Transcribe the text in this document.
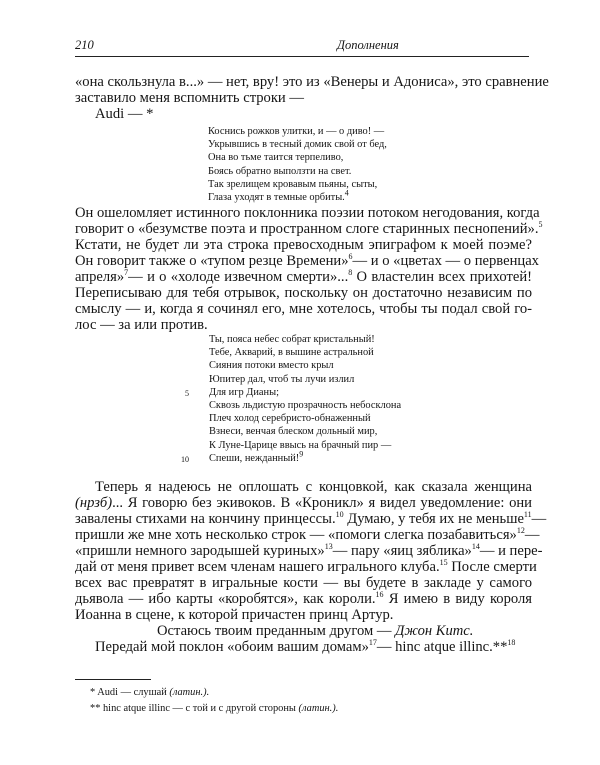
210	Дополнения
«она скользнула в...» — нет, вру! это из «Венеры и Адониса», это сравнение
заставило меня вспомнить строки —
Audi — *
Коснись рожков улитки, и — о диво! —
Укрывшись в тесный домик свой от бед,
Она во тьме таится терпеливо,
Боясь обратно выползти на свет.
Так зрелищем кровавым пьяны, сыты,
Глаза уходят в темные орбиты.$^4$
Он ошеломляет истинного поклонника поэзии потоком негодования, когда
говорит о «безумстве поэта и пространном слоге старинных песнопений».$^5$
Кстати, не будет ли эта строка превосходным эпиграфом к моей поэме?
Он говорит также о «тупом резце Времени»$^6$— и о «цветах — о первенцах
апреля»$^7$— и о «холоде извечном смерти»...$^8$ О властелин всех прихотей!
Переписываю для тебя отрывок, поскольку он достаточно независим по
смыслу — и, когда я сочинял его, мне хотелось, чтобы ты подал свой го-
лос — за или против.
Ты, пояса небес собрат кристальный!
Тебе, Акварий, в вышине астральной
Сияния потоки вместо крыл
Юпитер дал, чтоб ты лучи излил
5 Для игр Дианы;
Сквозь льдистую прозрачность небосклона
Плеч холод серебристо-обнаженный
Взнеси, венчая блеском дольный мир,
К Луне-Царице ввысь на брачный пир —
10 Спеши, нежданный!$^9$
Теперь я надеюсь не оплошать с концовкой, как сказала женщина
(нрзб)... Я говорю без экивоков. В «Кроникл» я видел уведомление: они
завалены стихами на кончину принцессы.$^{10}$ Думаю, у тебя их не меньше$^{11}$—
пришли же мне хоть несколько строк — «помоги слегка позабавиться»$^{12}$—
«пришли немного зародышей куриных»$^{13}$— пару «яиц зяблика»$^{14}$— и пере-
дай от меня привет всем членам нашего игрального клуба.$^{15}$ После смерти
всех вас превратят в игральные кости — вы будете в закладе у самого
дьявола — ибо карты «коробятся», как короли.$^{16}$ Я имею в виду короля
Иоанна в сцене, к которой причастен принц Артур.
Остаюсь твоим преданным другом — Джон Китс.
Передай мой поклон «обоим вашим домам»$^{17}$— hinc atque illinc.**$^{18}$
* Audi — слушай (латин.).
** hinc atque illinc — с той и с другой стороны (латин.).
